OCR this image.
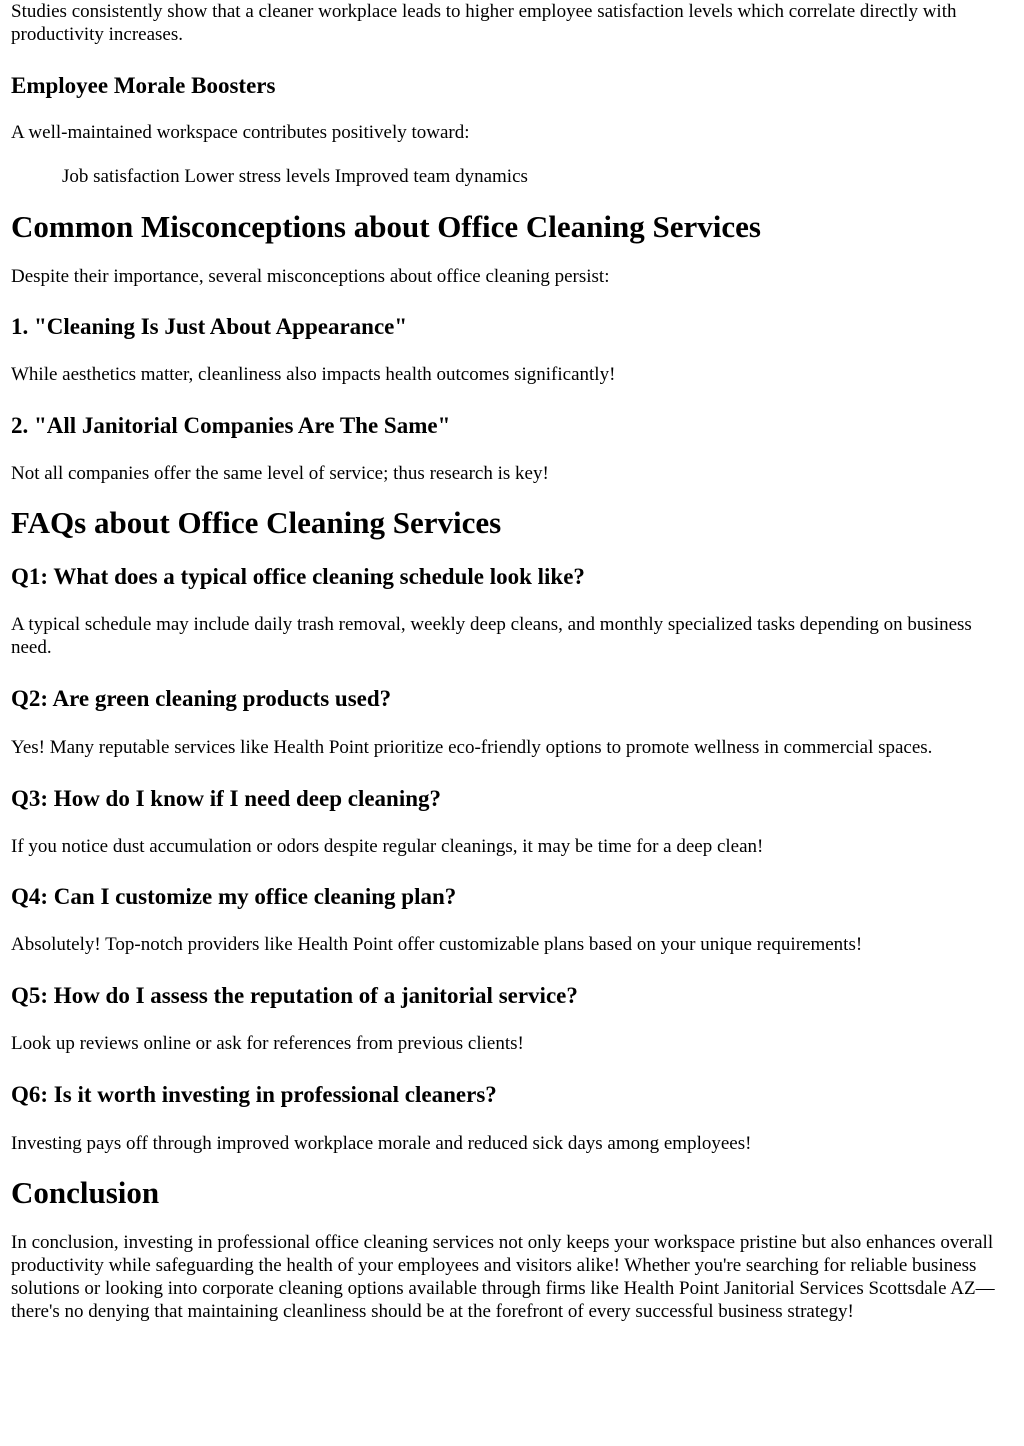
Studies consistently show that a cleaner workplace leads to higher employee satisfaction levels which correlate directly with productivity increases.

Employee Morale Boosters

A well-maintained workspace contributes positively toward:

Job satisfaction Lower stress levels Improved team dynamics

Common Misconceptions about Office Cleaning Services

Despite their importance, several misconceptions about office cleaning persist:

1. "Cleaning Is Just About Appearance"

While aesthetics matter, cleanliness also impacts health outcomes significantly!

2. "All Janitorial Companies Are The Same"

Not all companies offer the same level of service; thus research is key!

FAQs about Office Cleaning Services
Q1: What does a typical office cleaning schedule look like?

A typical schedule may include daily trash removal, weekly deep cleans, and monthly specialized tasks depending on business need.

Q2: Are green cleaning products used?

Yes! Many reputable services like Health Point prioritize eco-friendly options to promote wellness in commercial spaces.

Q3: How do I know if I need deep cleaning?

If you notice dust accumulation or odors despite regular cleanings, it may be time for a deep clean!

Q4: Can I customize my office cleaning plan?

Absolutely! Top-notch providers like Health Point offer customizable plans based on your unique requirements!

Q5: How do I assess the reputation of a janitorial service?

Look up reviews online or ask for references from previous clients!

Q6: Is it worth investing in professional cleaners?

Investing pays off through improved workplace morale and reduced sick days among employees!

Conclusion

In conclusion, investing in professional office cleaning services not only keeps your workspace pristine but also enhances overall productivity while safeguarding the health of your employees and visitors alike! Whether you're searching for reliable business solutions or looking into corporate cleaning options available through firms like Health Point Janitorial Services Scottsdale AZ—there's no denying that maintaining cleanliness should be at the forefront of every successful business strategy!
